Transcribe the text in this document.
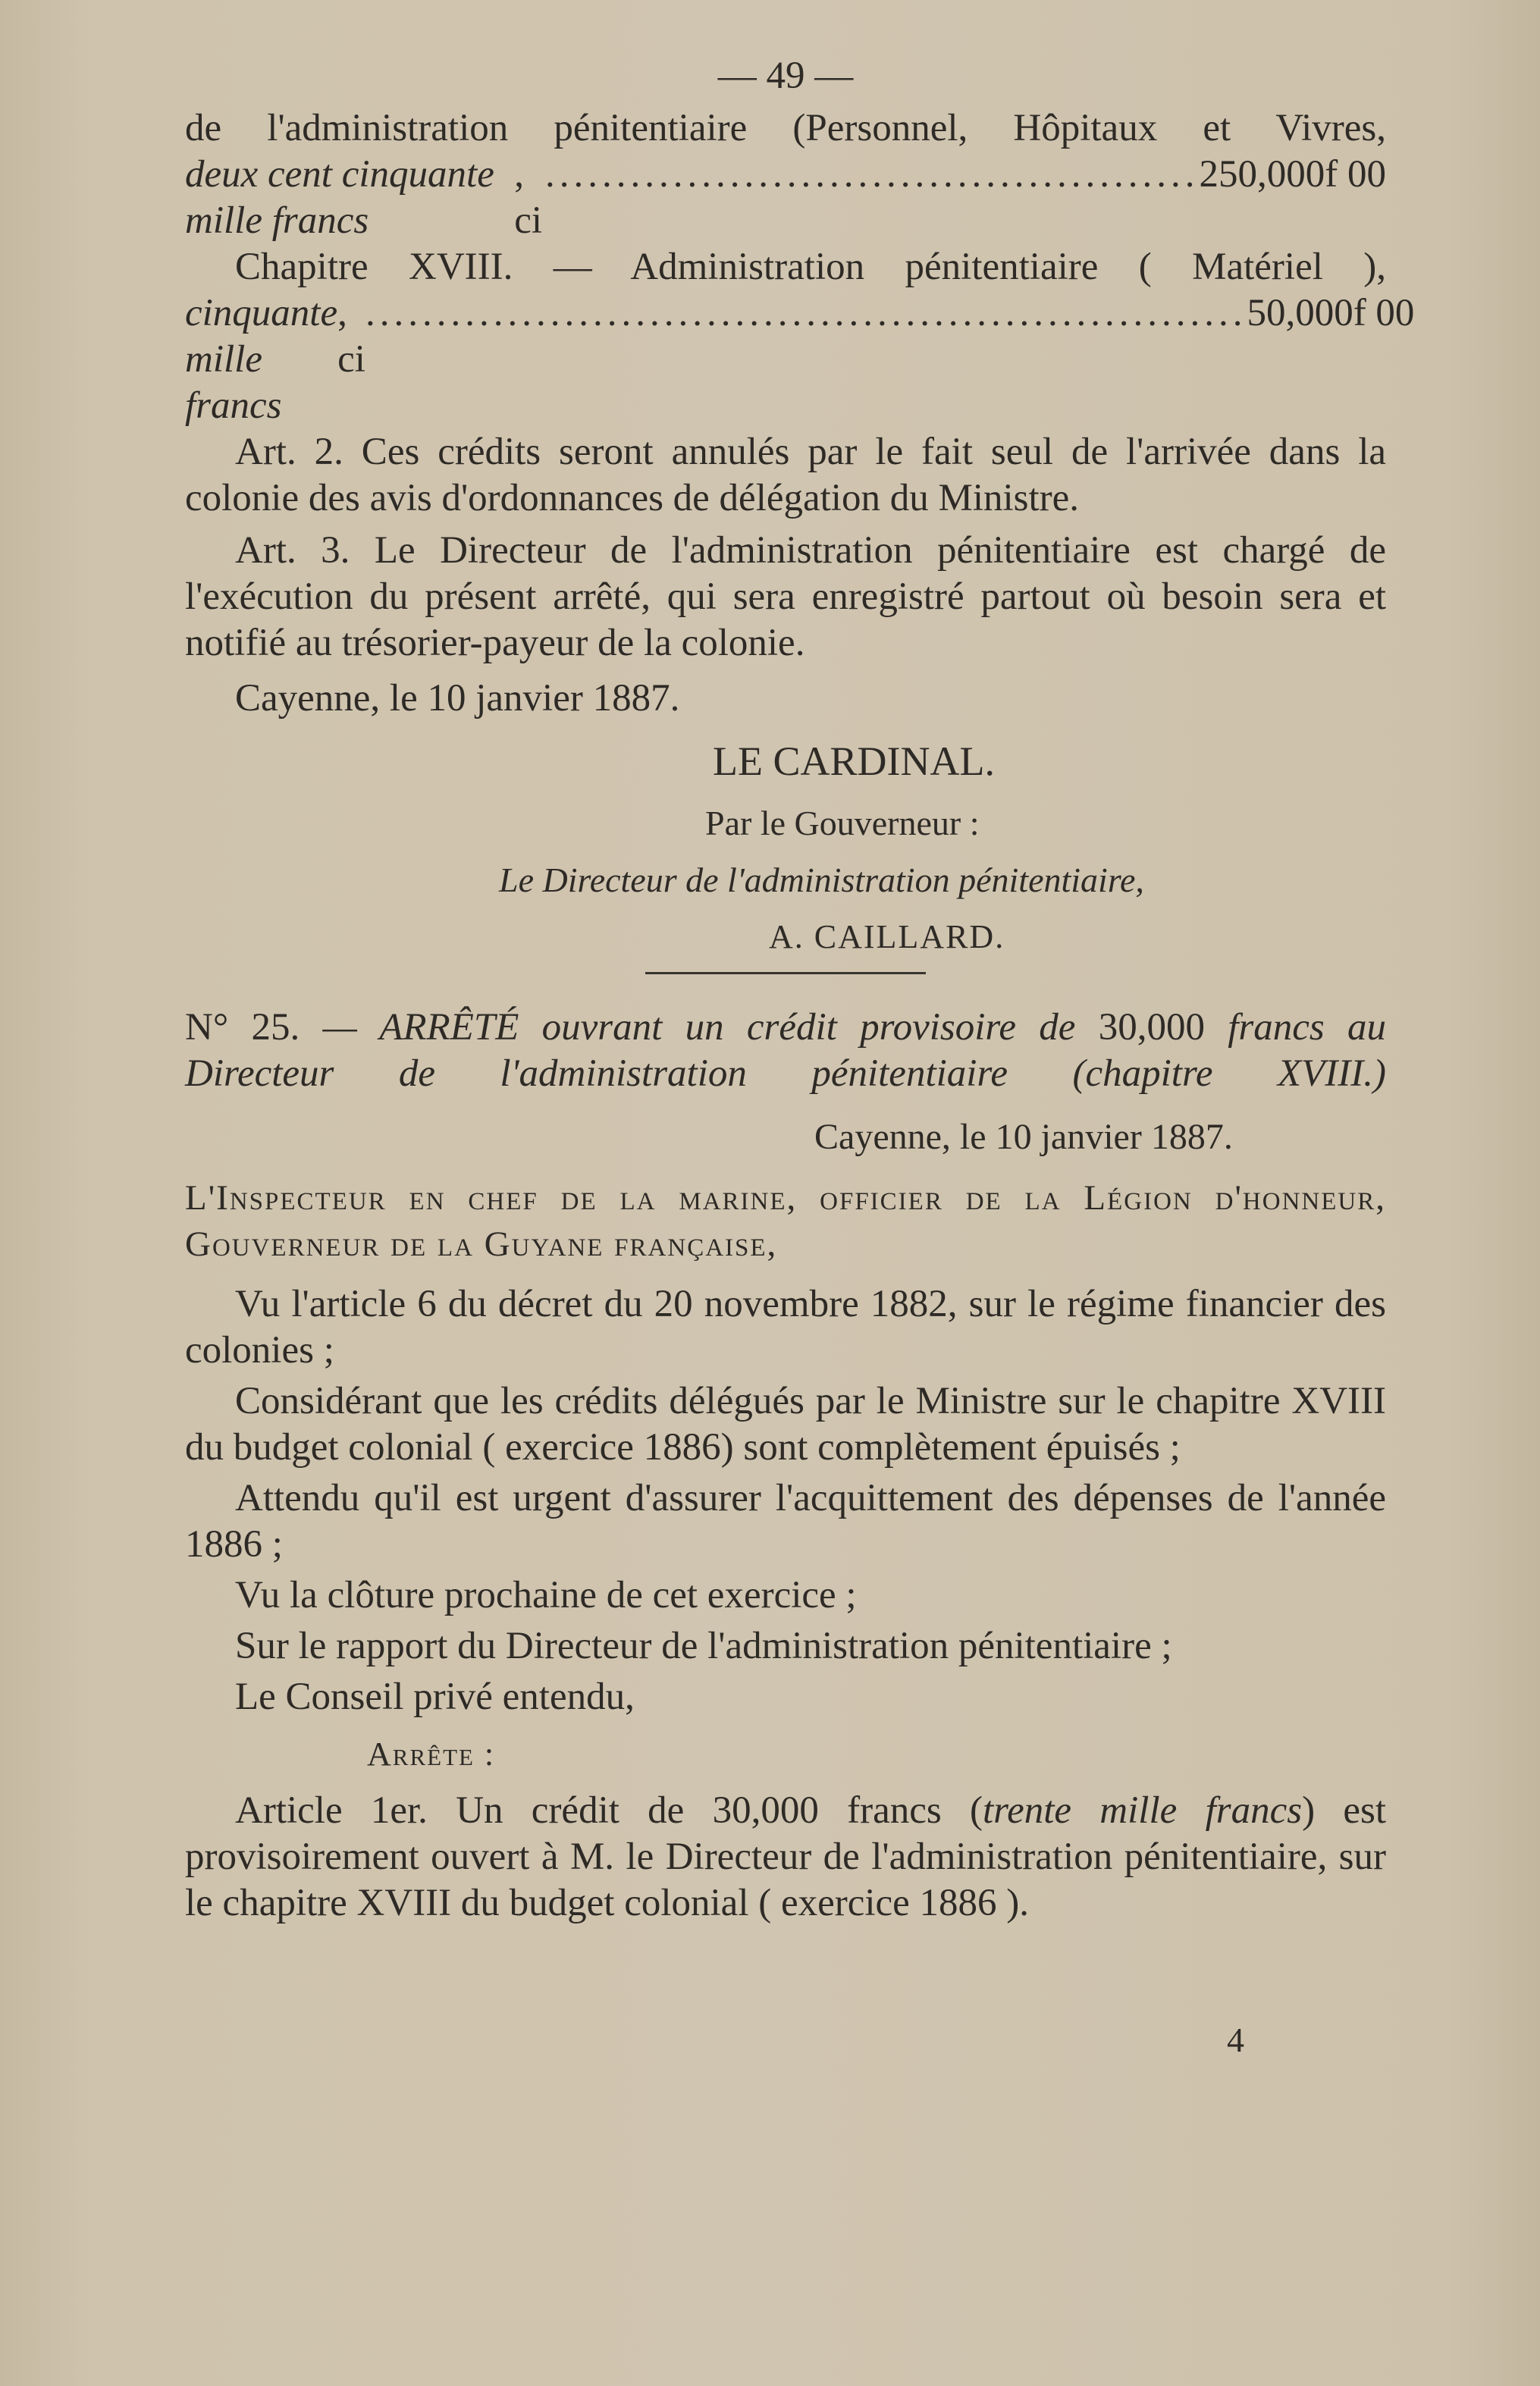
— 49 —

de l'administration pénitentiaire (Personnel, Hôpitaux et Vivres,

deux cent cinquante mille francs
, ci
.............................................. 250,000f 00

Chapitre XVIII. — Administration pénitentiaire ( Matériel ),

cinquante mille francs
, ci
.............................................................. 50,000f 00

Art. 2. Ces crédits seront annulés par le fait seul de l'arrivée dans la colonie des avis d'ordonnances de délégation du Ministre.

Art. 3. Le Directeur de l'administration pénitentiaire est chargé de l'exécution du présent arrêté, qui sera enregistré partout où besoin sera et notifié au trésorier-payeur de la colonie.

Cayenne, le 10 janvier 1887.

LE CARDINAL.

Par le Gouverneur :

Le Directeur de l'administration pénitentiaire,

A. CAILLARD.

N° 25. — ARRÊTÉ ouvrant un crédit provisoire de 30,000 francs au Directeur de l'administration pénitentiaire (chapitre XVIII.)

Cayenne, le 10 janvier 1887.

L'Inspecteur en chef de la marine, officier de la Légion d'honneur, Gouverneur de la Guyane française,

Vu l'article 6 du décret du 20 novembre 1882, sur le régime financier des colonies ;

Considérant que les crédits délégués par le Ministre sur le chapitre XVIII du budget colonial ( exercice 1886) sont complètement épuisés ;

Attendu qu'il est urgent d'assurer l'acquittement des dépenses de l'année 1886 ;

Vu la clôture prochaine de cet exercice ;

Sur le rapport du Directeur de l'administration pénitentiaire ;

Le Conseil privé entendu,

Arrête :

Article 1er. Un crédit de 30,000 francs (trente mille francs) est provisoirement ouvert à M. le Directeur de l'administration pénitentiaire, sur le chapitre XVIII du budget colonial ( exercice 1886 ).

4
